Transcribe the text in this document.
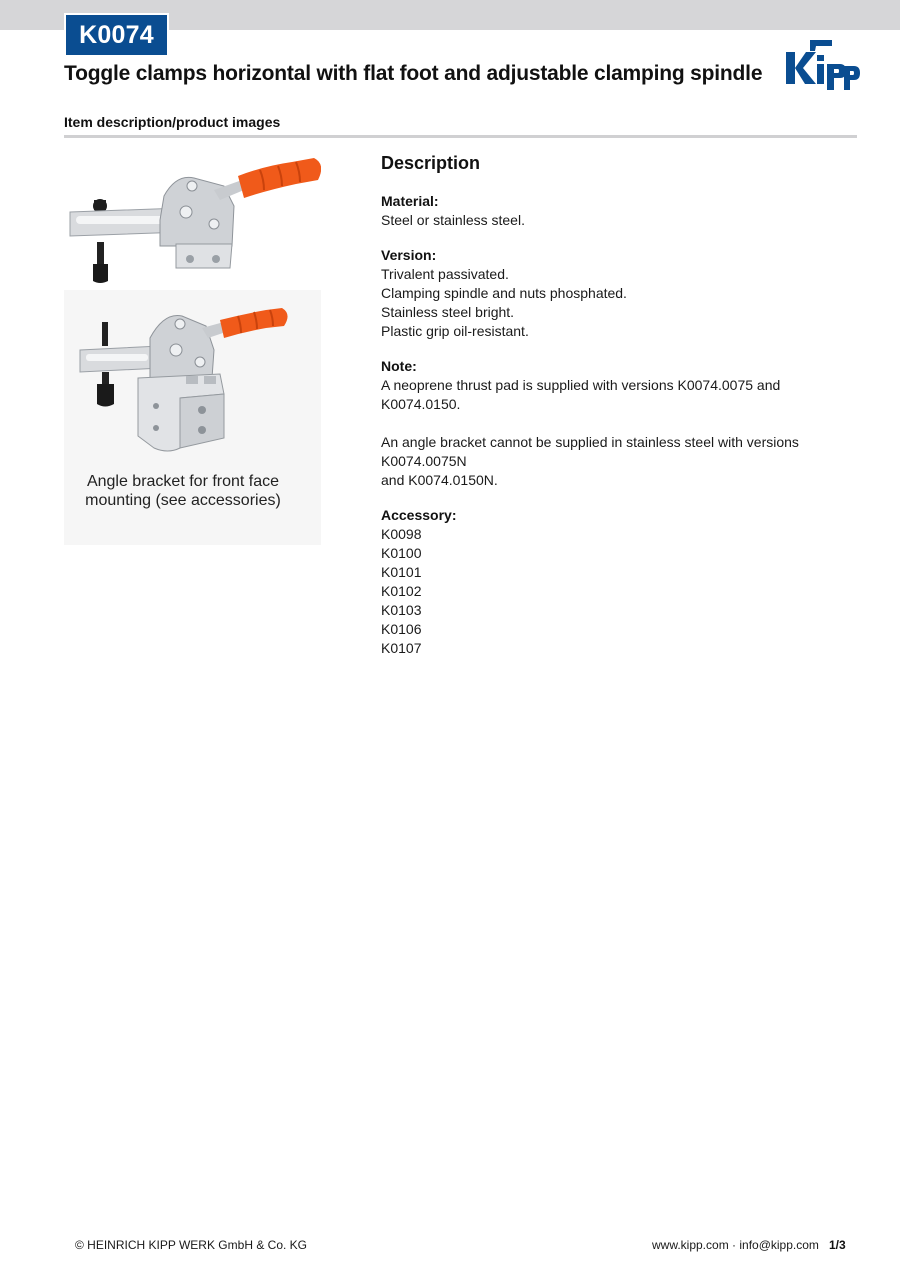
K0074
Toggle clamps horizontal with flat foot and adjustable clamping spindle
Item description/product images
Angle bracket for front face mounting (see accessories)
Description
Material:
Steel or stainless steel.
Version:
Trivalent passivated.
Clamping spindle and nuts phosphated.
Stainless steel bright.
Plastic grip oil-resistant.
Note:
A neoprene thrust pad is supplied with versions K0074.0075 and K0074.0150.
An angle bracket cannot be supplied in stainless steel with versions K0074.0075N
and K0074.0150N.
Accessory:
K0098
K0100
K0101
K0102
K0103
K0106
K0107
© HEINRICH KIPP WERK GmbH & Co. KG	www.kipp.com · info@kipp.com 1/3
